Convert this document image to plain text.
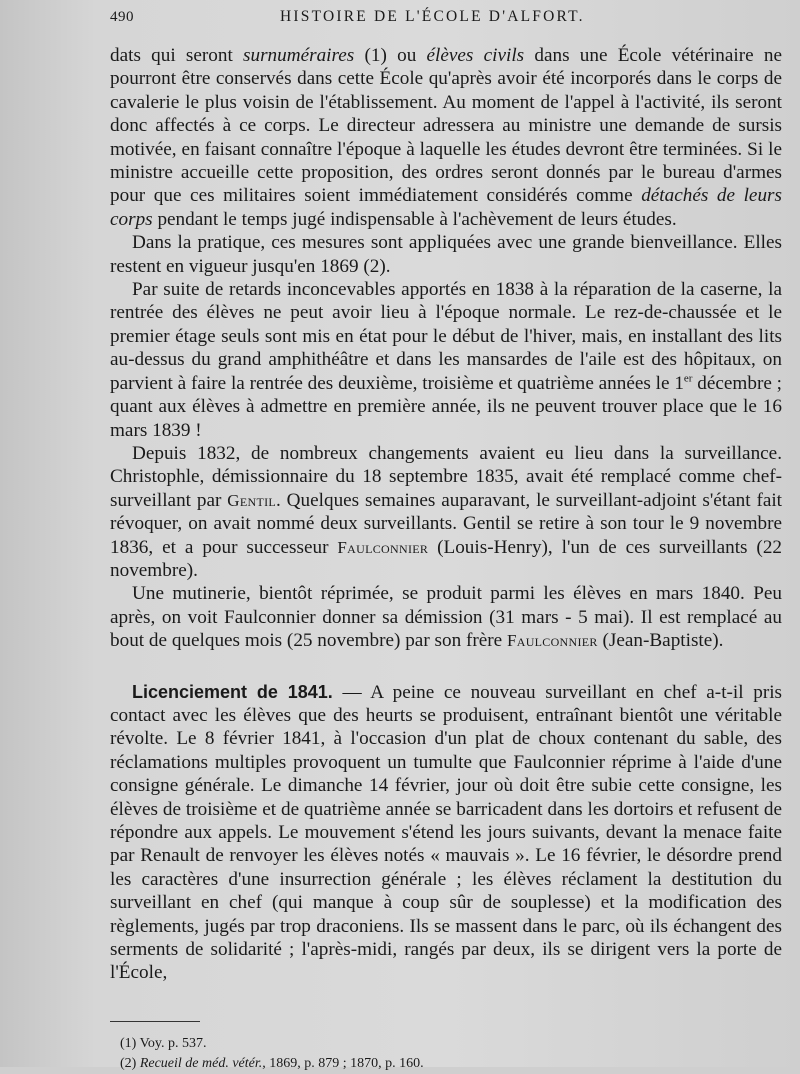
490	HISTOIRE DE L'ÉCOLE D'ALFORT.

dats qui seront surnuméraires (1) ou élèves civils dans une École vétérinaire ne pourront être conservés dans cette École qu'après avoir été incorporés dans le corps de cavalerie le plus voisin de l'établissement. Au moment de l'appel à l'activité, ils seront donc affectés à ce corps. Le directeur adressera au ministre une demande de sursis motivée, en faisant connaître l'époque à laquelle les études devront être terminées. Si le ministre accueille cette proposition, des ordres seront donnés par le bureau d'armes pour que ces militaires soient immédiatement considérés comme détachés de leurs corps pendant le temps jugé indispensable à l'achèvement de leurs études.

Dans la pratique, ces mesures sont appliquées avec une grande bienveillance. Elles restent en vigueur jusqu'en 1869 (2).

Par suite de retards inconcevables apportés en 1838 à la réparation de la caserne, la rentrée des élèves ne peut avoir lieu à l'époque normale. Le rez-de-chaussée et le premier étage seuls sont mis en état pour le début de l'hiver, mais, en installant des lits au-dessus du grand amphithéâtre et dans les mansardes de l'aile est des hôpitaux, on parvient à faire la rentrée des deuxième, troisième et quatrième années le 1er décembre ; quant aux élèves à admettre en première année, ils ne peuvent trouver place que le 16 mars 1839 !

Depuis 1832, de nombreux changements avaient eu lieu dans la surveillance. Christophle, démissionnaire du 18 septembre 1835, avait été remplacé comme chef-surveillant par Gentil. Quelques semaines auparavant, le surveillant-adjoint s'étant fait révoquer, on avait nommé deux surveillants. Gentil se retire à son tour le 9 novembre 1836, et a pour successeur Faulconnier (Louis-Henry), l'un de ces surveillants (22 novembre).

Une mutinerie, bientôt réprimée, se produit parmi les élèves en mars 1840. Peu après, on voit Faulconnier donner sa démission (31 mars - 5 mai). Il est remplacé au bout de quelques mois (25 novembre) par son frère Faulconnier (Jean-Baptiste).

Licenciement de 1841. — A peine ce nouveau surveillant en chef a-t-il pris contact avec les élèves que des heurts se produisent, entraînant bientôt une véritable révolte. Le 8 février 1841, à l'occasion d'un plat de choux contenant du sable, des réclamations multiples provoquent un tumulte que Faulconnier réprime à l'aide d'une consigne générale. Le dimanche 14 février, jour où doit être subie cette consigne, les élèves de troisième et de quatrième année se barricadent dans les dortoirs et refusent de répondre aux appels. Le mouvement s'étend les jours suivants, devant la menace faite par Renault de renvoyer les élèves notés « mauvais ». Le 16 février, le désordre prend les caractères d'une insurrection générale ; les élèves réclament la destitution du surveillant en chef (qui manque à coup sûr de souplesse) et la modification des règlements, jugés par trop draconiens. Ils se massent dans le parc, où ils échangent des serments de solidarité ; l'après-midi, rangés par deux, ils se dirigent vers la porte de l'École,

(1) Voy. p. 537.
(2) Recueil de méd. vétér., 1869, p. 879 ; 1870, p. 160.
